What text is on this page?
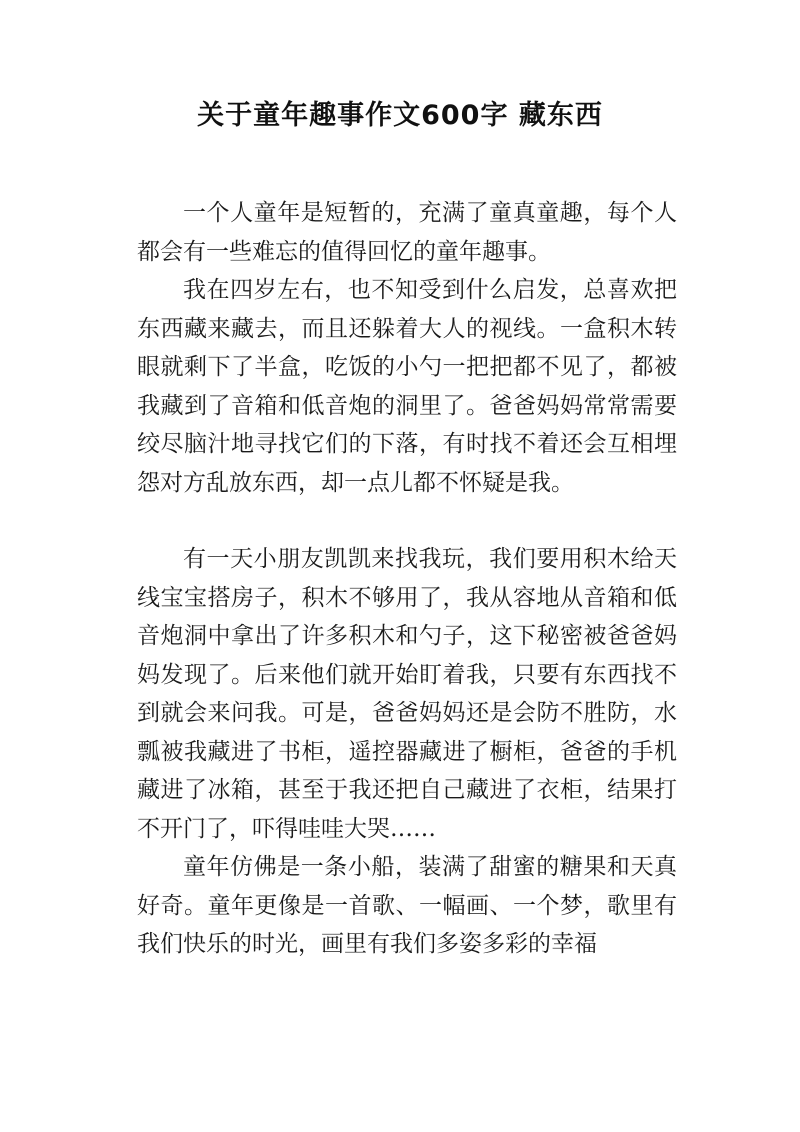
关于童年趣事作文600字 藏东西

一个人童年是短暂的，充满了童真童趣，每个人都会有一些难忘的值得回忆的童年趣事。

我在四岁左右，也不知受到什么启发，总喜欢把东西藏来藏去，而且还躲着大人的视线。一盒积木转眼就剩下了半盒，吃饭的小勺一把把都不见了，都被我藏到了音箱和低音炮的洞里了。爸爸妈妈常常需要绞尽脑汁地寻找它们的下落，有时找不着还会互相埋怨对方乱放东西，却一点儿都不怀疑是我。

有一天小朋友凯凯来找我玩，我们要用积木给天线宝宝搭房子，积木不够用了，我从容地从音箱和低音炮洞中拿出了许多积木和勺子，这下秘密被爸爸妈妈发现了。后来他们就开始盯着我，只要有东西找不到就会来问我。可是，爸爸妈妈还是会防不胜防，水瓢被我藏进了书柜，遥控器藏进了橱柜，爸爸的手机藏进了冰箱，甚至于我还把自己藏进了衣柜，结果打不开门了，吓得哇哇大哭……

童年仿佛是一条小船，装满了甜蜜的糖果和天真好奇。童年更像是一首歌、一幅画、一个梦，歌里有我们快乐的时光，画里有我们多姿多彩的幸福
